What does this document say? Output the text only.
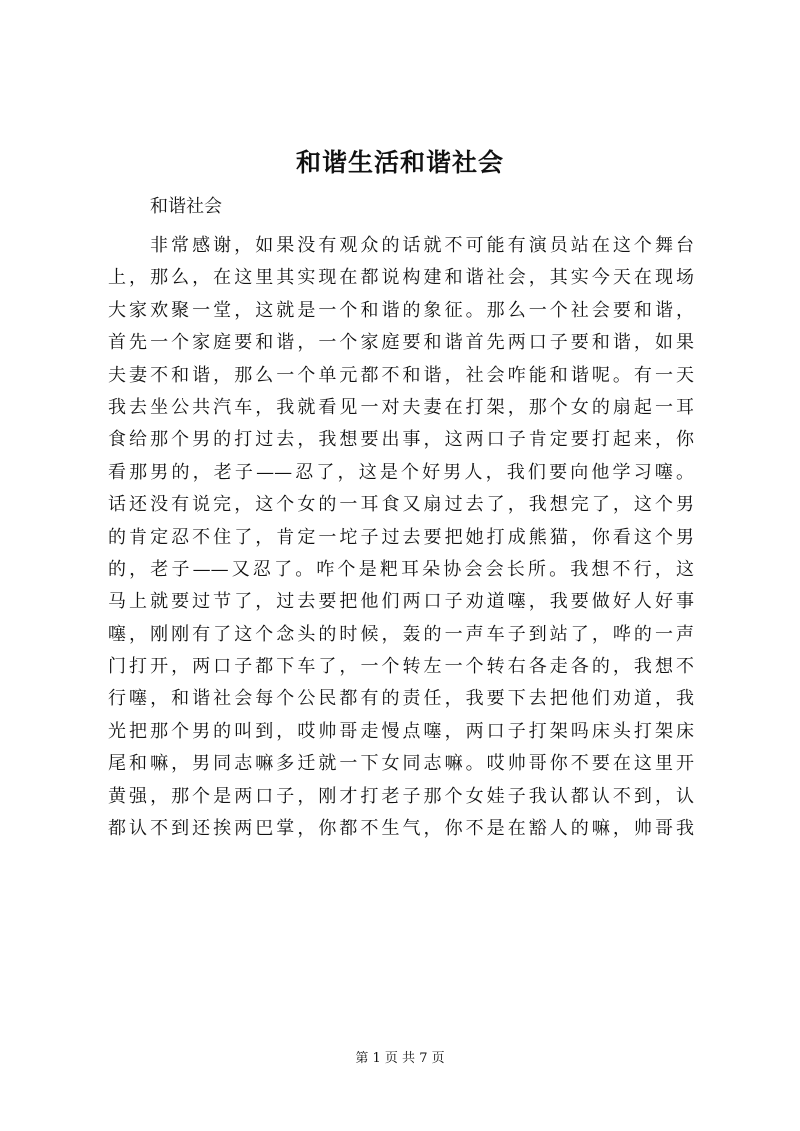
和谐生活和谐社会
和谐社会
非常感谢，如果没有观众的话就不可能有演员站在这个舞台
上，那么，在这里其实现在都说构建和谐社会，其实今天在现场
大家欢聚一堂，这就是一个和谐的象征。那么一个社会要和谐，
首先一个家庭要和谐，一个家庭要和谐首先两口子要和谐，如果
夫妻不和谐，那么一个单元都不和谐，社会咋能和谐呢。有一天
我去坐公共汽车，我就看见一对夫妻在打架，那个女的扇起一耳
食给那个男的打过去，我想要出事，这两口子肯定要打起来，你
看那男的，老子——忍了，这是个好男人，我们要向他学习噻。
话还没有说完，这个女的一耳食又扇过去了，我想完了，这个男
的肯定忍不住了，肯定一坨子过去要把她打成熊猫，你看这个男
的，老子——又忍了。咋个是粑耳朵协会会长所。我想不行，这
马上就要过节了，过去要把他们两口子劝道噻，我要做好人好事
噻，刚刚有了这个念头的时候，轰的一声车子到站了，哗的一声
门打开，两口子都下车了，一个转左一个转右各走各的，我想不
行噻，和谐社会每个公民都有的责任，我要下去把他们劝道，我
光把那个男的叫到，哎帅哥走慢点噻，两口子打架吗床头打架床
尾和嘛，男同志嘛多迁就一下女同志嘛。哎帅哥你不要在这里开
黄强，那个是两口子，刚才打老子那个女娃子我认都认不到，认
都认不到还挨两巴掌，你都不生气，你不是在豁人的嘛，帅哥我
第 1 页 共 7 页
